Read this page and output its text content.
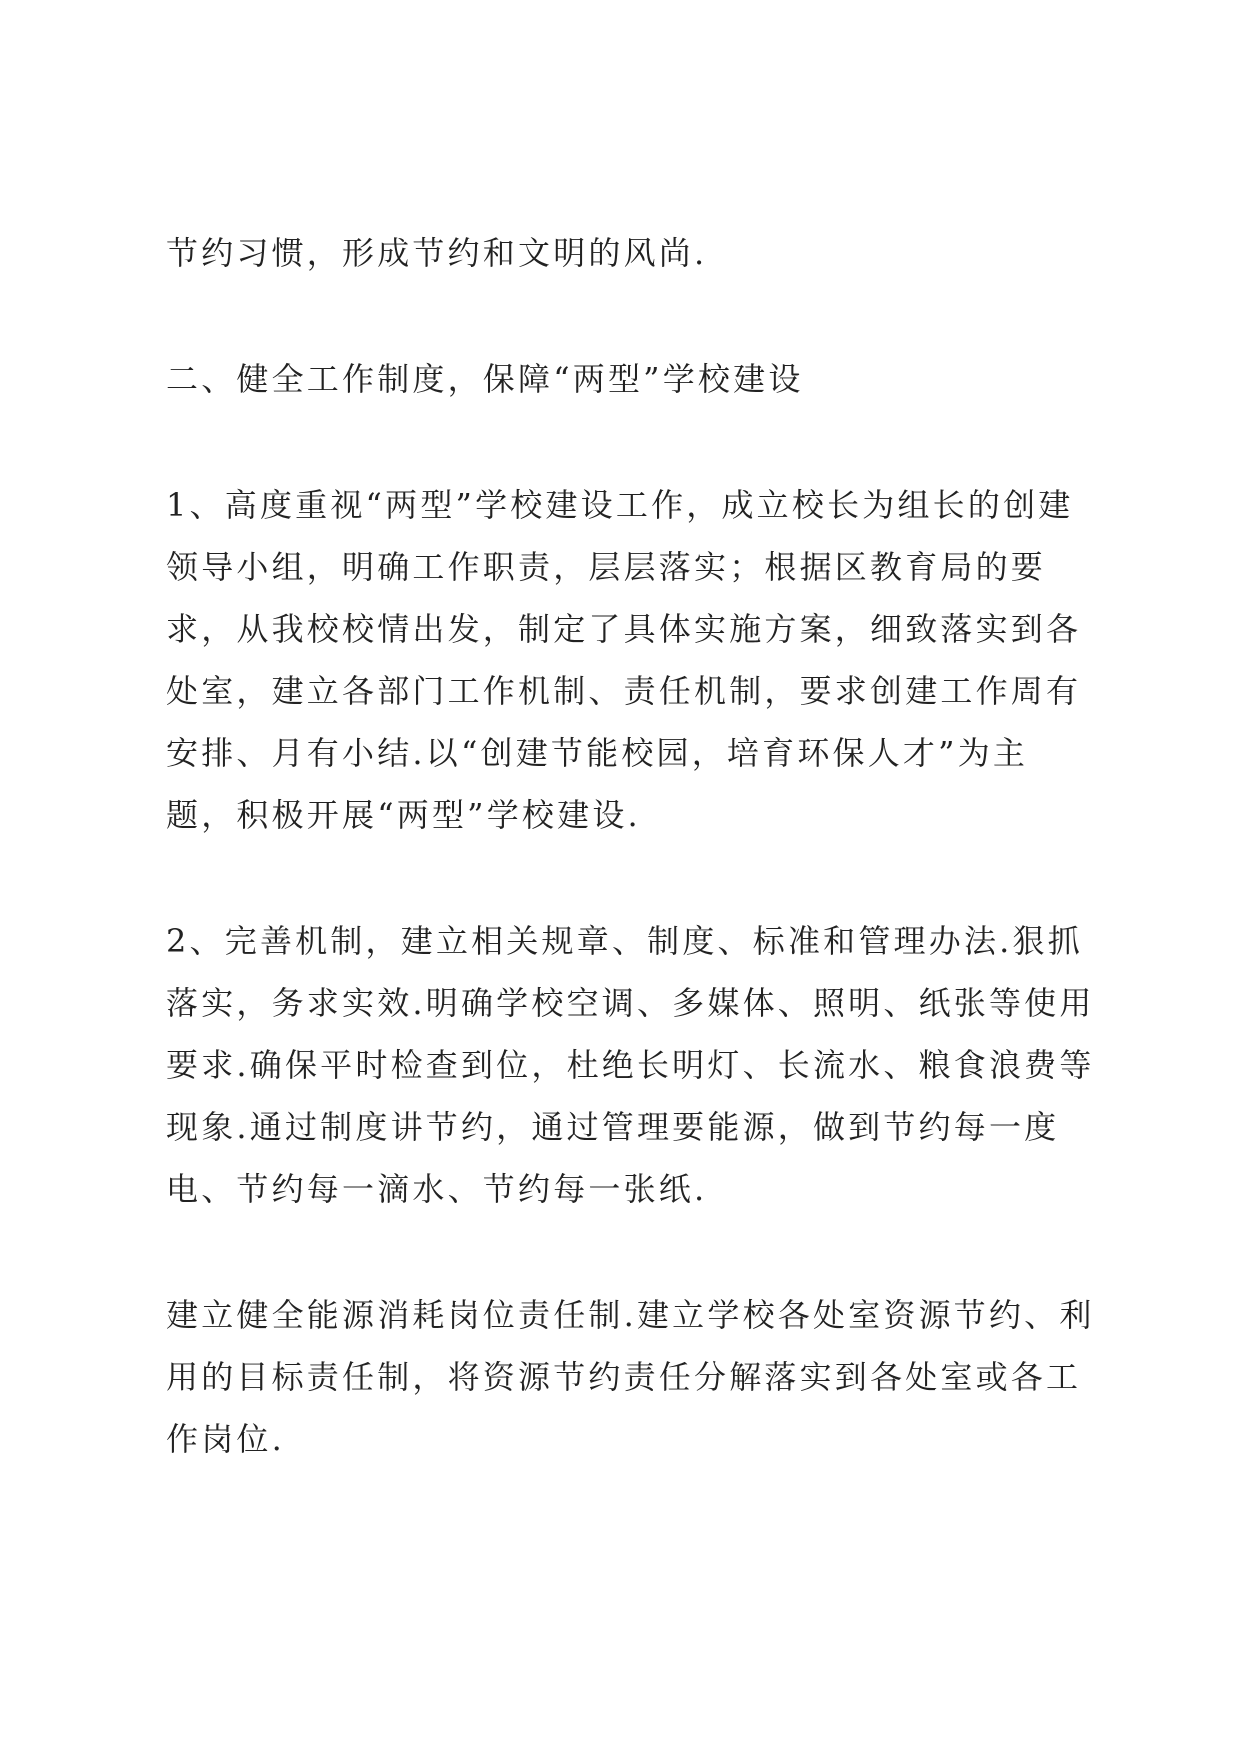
节约习惯，形成节约和文明的风尚.

二、健全工作制度，保障“两型”学校建设

1、高度重视“两型”学校建设工作，成立校长为组长的创建领导小组，明确工作职责，层层落实；根据区教育局的要求，从我校校情出发，制定了具体实施方案，细致落实到各处室，建立各部门工作机制、责任机制，要求创建工作周有安排、月有小结.以“创建节能校园，培育环保人才”为主题，积极开展“两型”学校建设.

2、完善机制，建立相关规章、制度、标准和管理办法.狠抓落实，务求实效.明确学校空调、多媒体、照明、纸张等使用要求.确保平时检查到位，杜绝长明灯、长流水、粮食浪费等现象.通过制度讲节约，通过管理要能源，做到节约每一度电、节约每一滴水、节约每一张纸.

建立健全能源消耗岗位责任制.建立学校各处室资源节约、利用的目标责任制，将资源节约责任分解落实到各处室或各工作岗位.
